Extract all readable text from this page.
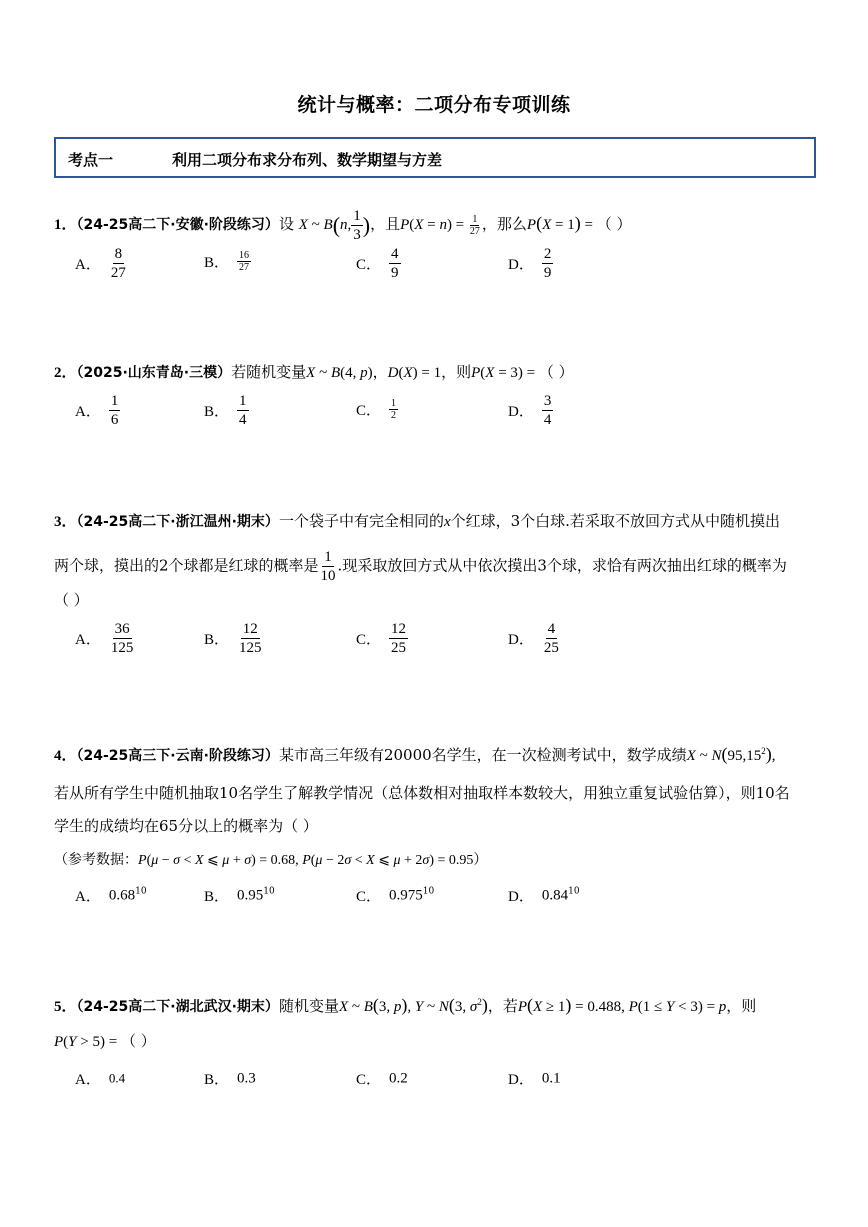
统计与概率：二项分布专项训练
考点一	利用二项分布求分布列、数学期望与方差
1．（24-25高二下·安徽·阶段练习）设 X ~ B(n, $\frac{1}{3}$ )，且$P(X = n) = \frac{1}{27}$ ，那么P(X = 1) = （ ）
A． $\frac{8}{27}$	B． $\frac{16}{27}$	C． $\frac{4}{9}$	D． $\frac{2}{9}$
2．（2025·山东青岛·三模）若随机变量X ~ B(4, p)，D(X) = 1，则P(X = 3) = （ ）
A． $\frac{1}{6}$	B． $\frac{1}{4}$	C． $\frac{1}{2}$	D． $\frac{3}{4}$
3．（24-25高二下·浙江温州·期末）一个袋子中有完全相同的x个红球，3个白球.若采取不放回方式从中随机摸出
两个球，摸出的2个球都是红球的概率是 $\frac{1}{10}$ .现采取放回方式从中依次摸出3个球，求恰有两次抽出红球的概率为
（ ）
A． $\frac{36}{125}$	B． $\frac{12}{125}$	C． $\frac{12}{25}$	D． $\frac{4}{25}$
4．（24-25高三下·云南·阶段练习）某市高三年级有20000名学生，在一次检测考试中，数学成绩X ~ N(95,15$^2$),
若从所有学生中随机抽取10名学生了解教学情况（总体数相对抽取样本数较大，用独立重复试验估算），则10名
学生的成绩均在65分以上的概率为（ ）
（参考数据：P(μ − σ < X ⩽ μ + σ) = 0.68, P(μ − 2σ < X ⩽ μ + 2σ) = 0.95）
A． 0.68$^{10}$	B． 0.95$^{10}$	C． 0.975$^{10}$	D． 0.84$^{10}$
5．（24-25高二下·湖北武汉·期末）随机变量X ~ B(3, p), Y ~ N(3, $\sigma^2$)，若P(X ≥ 1) = 0.488, P(1 ≤ Y < 3) = p，则
P(Y > 5) = （ ）
A． 0.4	B． 0.3	C． 0.2	D． 0.1
